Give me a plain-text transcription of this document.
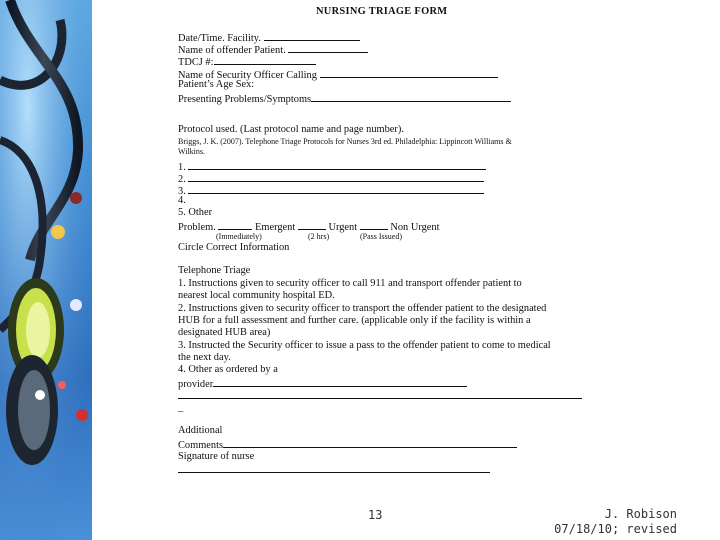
NURSING TRIAGE FORM
Date/Time. Facility.
Name of offender Patient.
TDCJ #:
Name of Security Officer Calling
Patient’s Age Sex:
Presenting Problems/Symptoms
Protocol used. (Last protocol name and page number).
Briggs, J. K. (2007). Telephone Triage Protocols for Nurses 3rd ed. Philadelphia: Lippincott Williams &
Wilkins.
1.
2.
3.
4.
5. Other
Problem.	Emergent	Urgent	Non Urgent
(Immediately)	(2 hrs)	(Pass Issued)
Circle Correct Information
Telephone Triage
1. Instructions given to security officer to call 911 and transport offender patient to
nearest local community hospital ED.
2. Instructions given to security officer to transport the offender patient to the designated
HUB for a full assessment and further care. (applicable only if the facility is within a
designated HUB area)
3. Instructed the Security officer to issue a pass to the offender patient to come to medical
the next day.
4. Other as ordered by a
provider
_
Additional
Comments
Signature of nurse
13	J. Robison
07/18/10; revised
